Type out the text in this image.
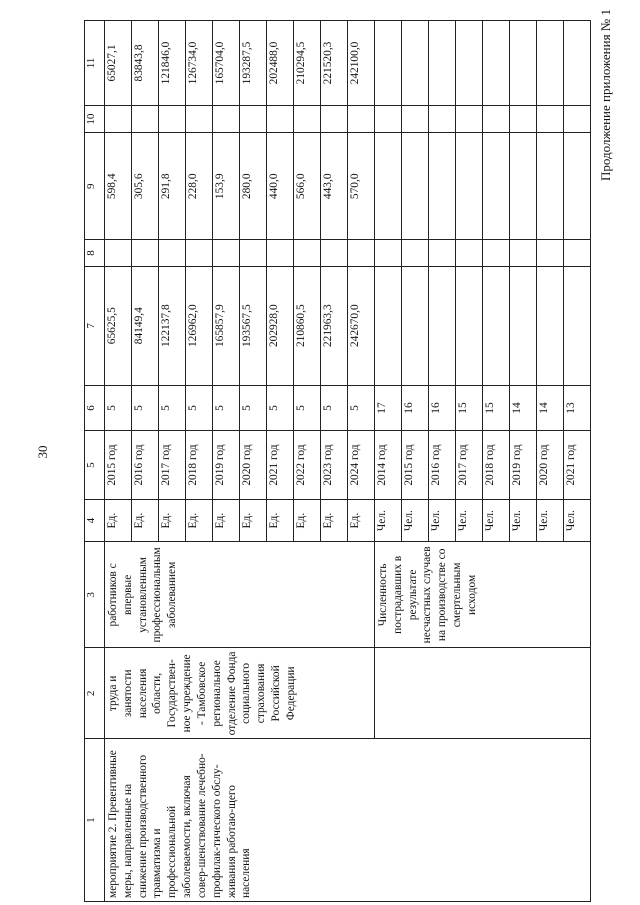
30
Продолжение приложения № 1
1	2	3	4	5	6	7	8	9	10	11
мероприятие 2. Превентивные меры, направленные на снижение производственного травматизма и профессиональной заболеваемости, включая совер-шенствование лечебно-профилак-тического обслу-живания работаю-щего населения	труда и занятости населения области, Государствен-ное учреждение - Тамбовское региональное отделение Фонда социального страхования Российской Федерации	работников с впервые установленным профессиональным заболеванием	Ед.	2015 год	5	65625,5		598,4		65027,1
			Ед.	2016 год	5	84149,4		305,6		83843,8
			Ед.	2017 год	5	122137,8		291,8		121846,0
			Ед.	2018 год	5	126962,0		228,0		126734,0
			Ед.	2019 год	5	165857,9		153,9		165704,0
			Ед.	2020 год	5	193567,5		280,0		193287,5
			Ед.	2021 год	5	202928,0		440,0		202488,0
			Ед.	2022 год	5	210860,5		566,0		210294,5
			Ед.	2023 год	5	221963,3		443,0		221520,3
			Ед.	2024 год	5	242670,0		570,0		242100,0
		Численность пострадавших в результате несчастных случаев на производстве со смертельным исходом	Чел.	2014 год	17					
			Чел.	2015 год	16					
			Чел.	2016 год	16					
			Чел.	2017 год	15					
			Чел.	2018 год	15					
			Чел.	2019 год	14					
			Чел.	2020 год	14					
			Чел.	2021 год	13					
